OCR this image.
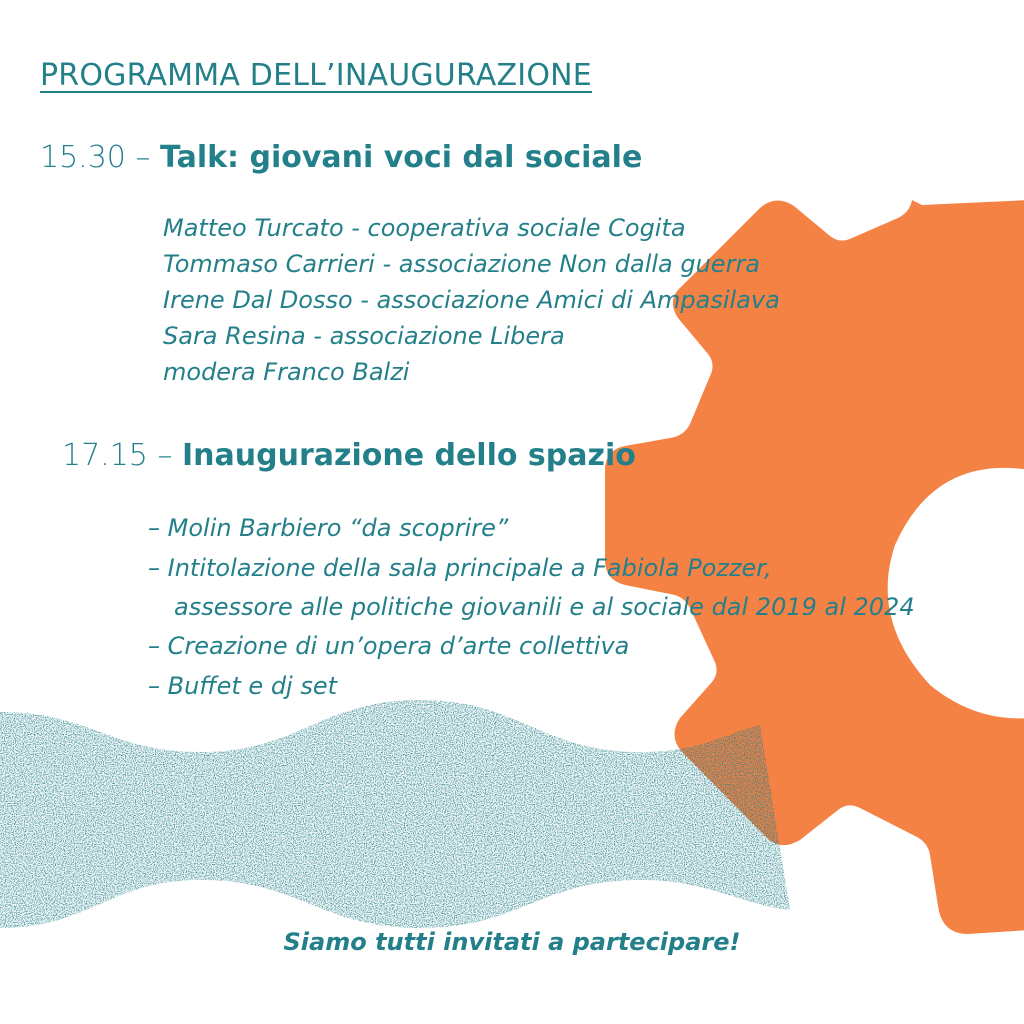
PROGRAMMA DELL’INAUGURAZIONE
15.30 – Talk: giovani voci dal sociale
Matteo Turcato - cooperativa sociale Cogita
Tommaso Carrieri - associazione Non dalla guerra
Irene Dal Dosso - associazione Amici di Ampasilava
Sara Resina - associazione Libera
modera Franco Balzi
17.15 – Inaugurazione dello spazio
– Molin Barbiero “da scoprire”
– Intitolazione della sala principale a Fabiola Pozzer,
assessore alle politiche giovanili e al sociale dal 2019 al 2024
– Creazione di un’opera d’arte collettiva
– Buffet e dj set

Siamo tutti invitati a partecipare!
